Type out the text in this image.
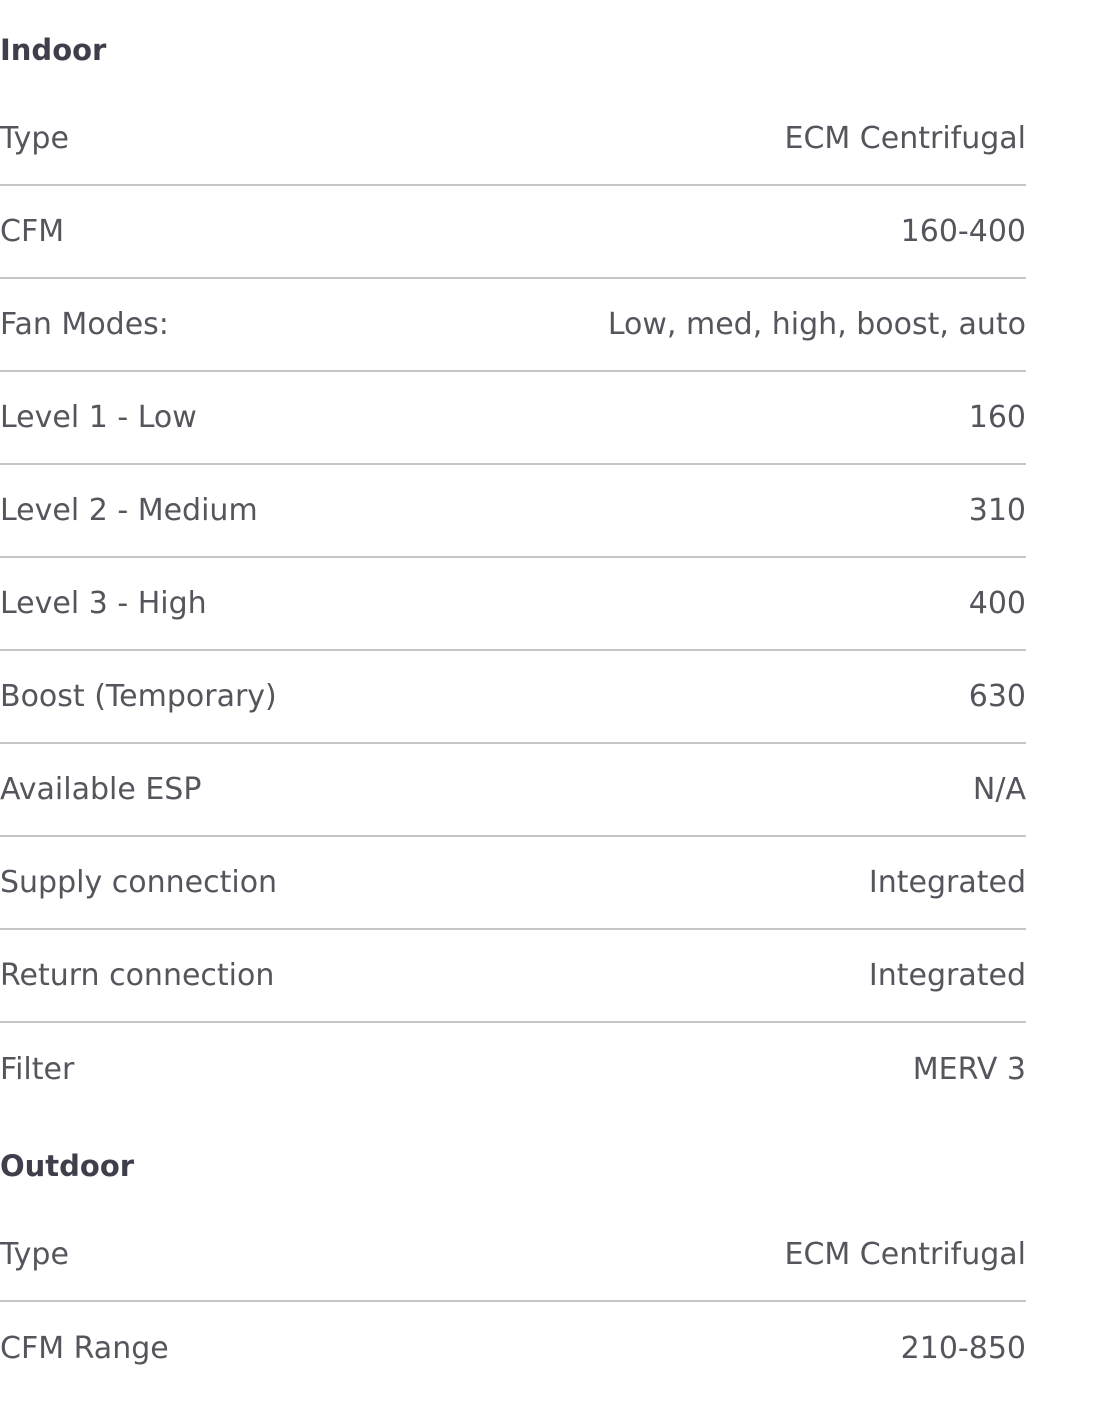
Indoor
Type	ECM Centrifugal
CFM	160-400
Fan Modes:	Low, med, high, boost, auto
Level 1 - Low	160
Level 2 - Medium	310
Level 3 - High	400
Boost (Temporary)	630
Available ESP	N/A
Supply connection	Integrated
Return connection	Integrated
Filter	MERV 3
Outdoor
Type	ECM Centrifugal
CFM Range	210-850
